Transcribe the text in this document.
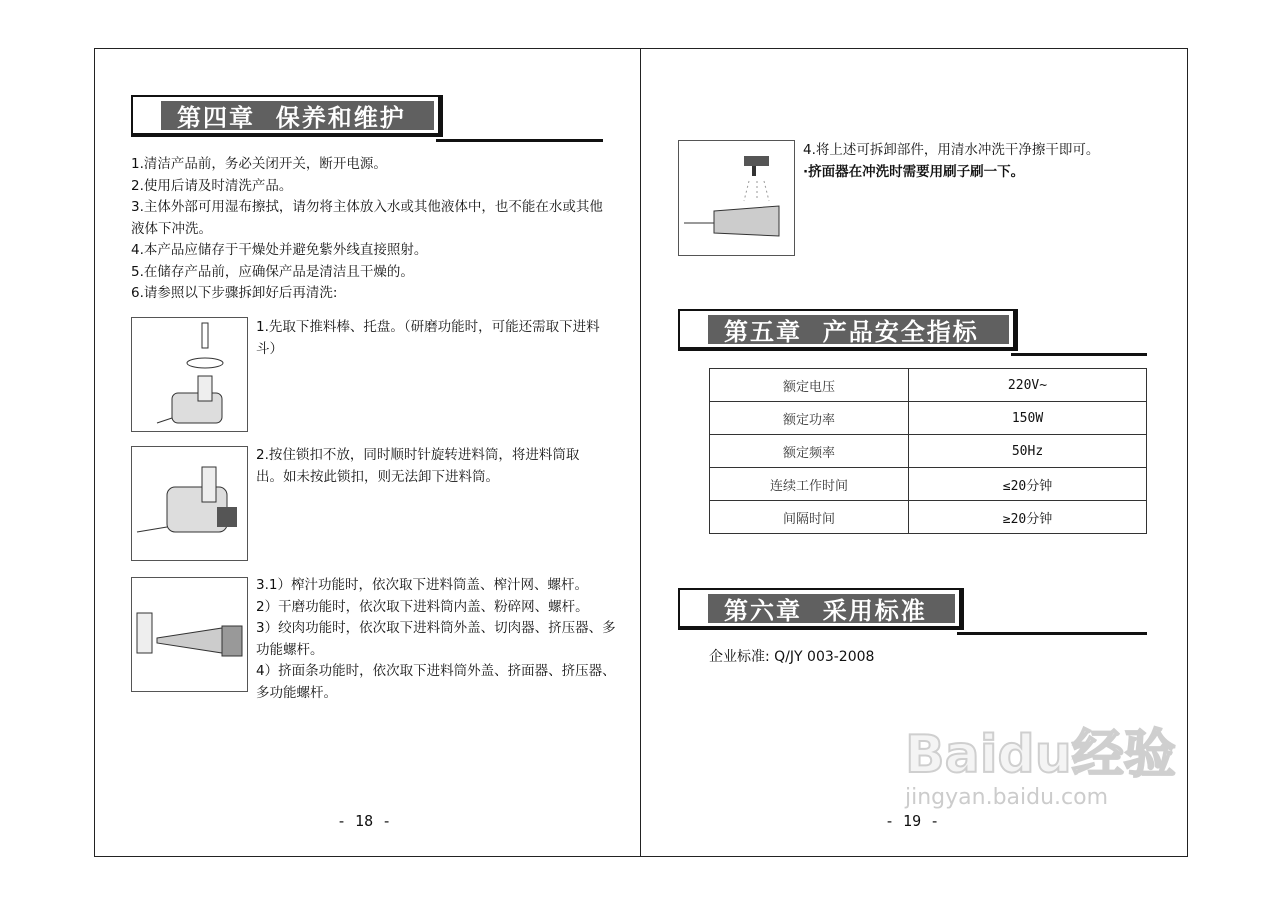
第四章  保养和维护
1.清洁产品前，务必关闭开关，断开电源。
2.使用后请及时清洗产品。
3.主体外部可用湿布擦拭，请勿将主体放入水或其他液体中，也不能在水或其他液体下冲洗。
4.本产品应储存于干燥处并避免紫外线直接照射。
5.在储存产品前，应确保产品是清洁且干燥的。
6.请参照以下步骤拆卸好后再清洗:
1.先取下推料棒、托盘。（研磨功能时，可能还需取下进料斗）
2.按住锁扣不放，同时顺时针旋转进料筒，将进料筒取出。如未按此锁扣，则无法卸下进料筒。
3.1）榨汁功能时，依次取下进料筒盖、榨汁网、螺杆。
2）干磨功能时，依次取下进料筒内盖、粉碎网、螺杆。
3）绞肉功能时，依次取下进料筒外盖、切肉器、挤压器、多功能螺杆。
4）挤面条功能时，依次取下进料筒外盖、挤面器、挤压器、多功能螺杆。
- 18 -
4.将上述可拆卸部件，用清水冲洗干净擦干即可。
·挤面器在冲洗时需要用刷子刷一下。
第五章  产品安全指标
额定电压	220V~
额定功率	150W
额定频率	50Hz
连续工作时间	≤20分钟
间隔时间	≥20分钟
第六章  采用标准
企业标准: Q/JY 003-2008
- 19 -
Baidu经验
jingyan.baidu.com
